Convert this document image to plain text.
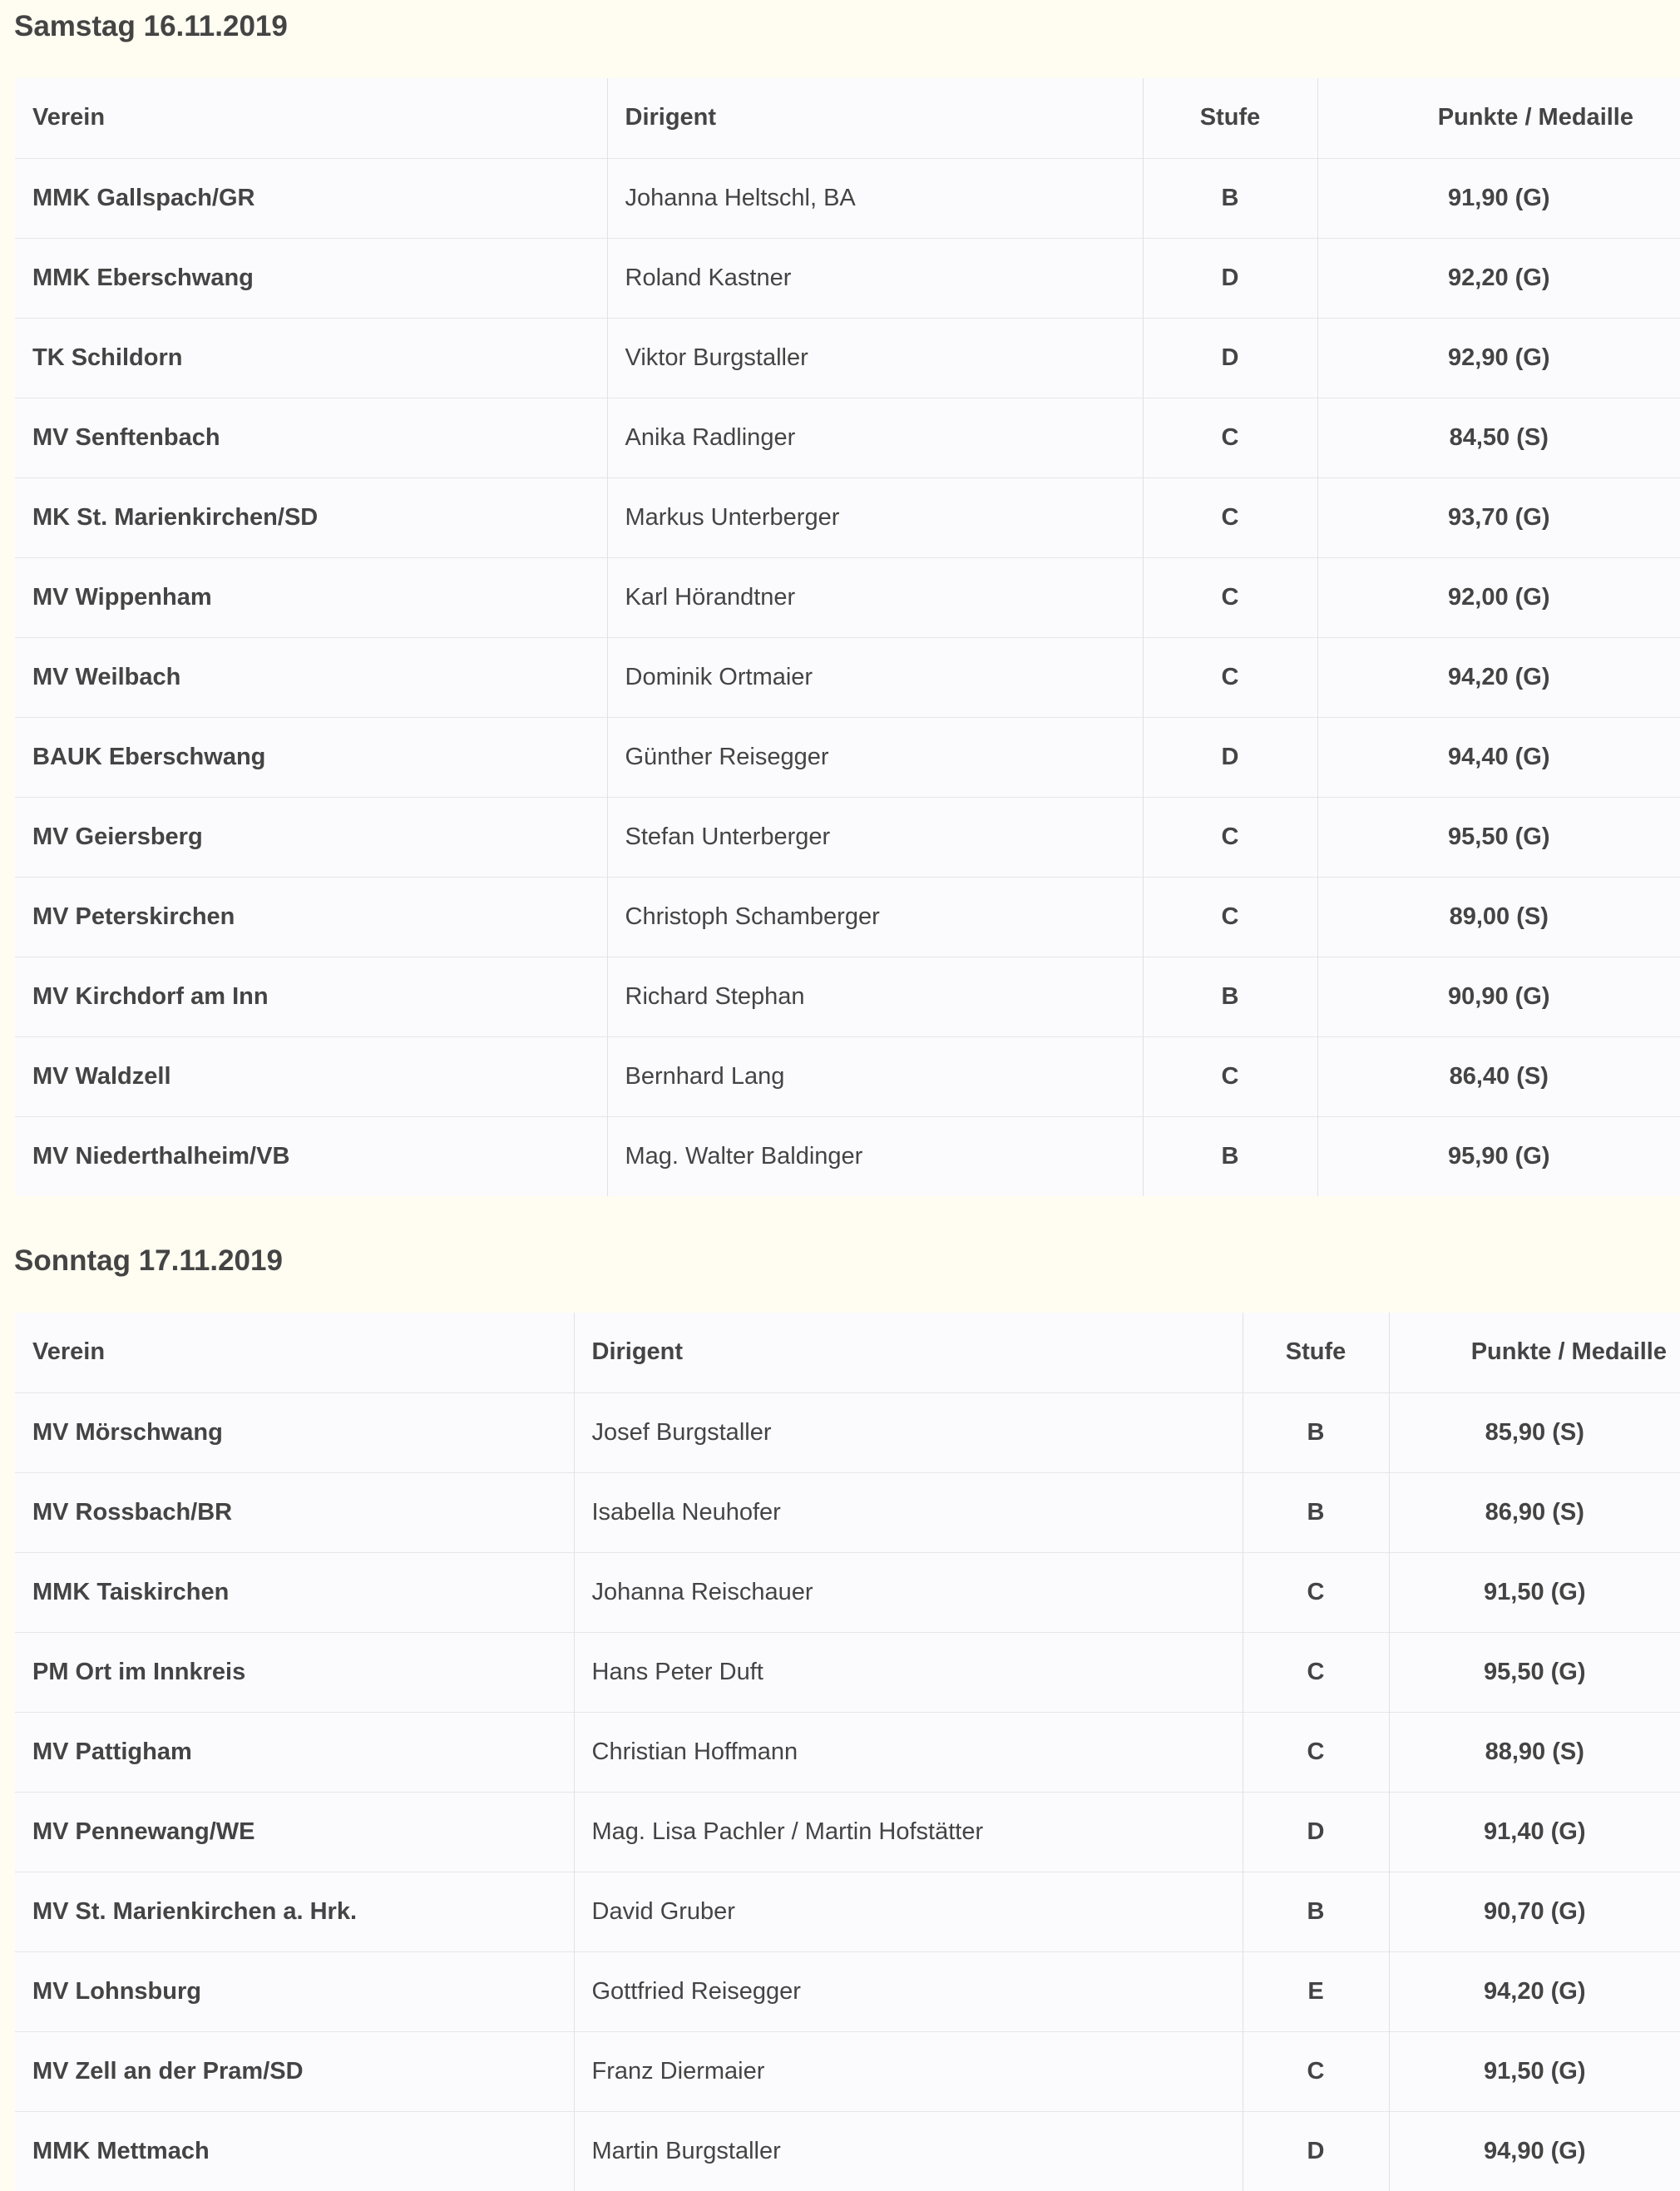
Samstag 16.11.2019
Verein	Dirigent	Stufe	Punkte / Medaille
MMK Gallspach/GR	Johanna Heltschl, BA	B	91,90 (G)
MMK Eberschwang	Roland Kastner	D	92,20 (G)
TK Schildorn	Viktor Burgstaller	D	92,90 (G)
MV Senftenbach	Anika Radlinger	C	84,50 (S)
MK St. Marienkirchen/SD	Markus Unterberger	C	93,70 (G)
MV Wippenham	Karl Hörandtner	C	92,00 (G)
MV Weilbach	Dominik Ortmaier	C	94,20 (G)
BAUK Eberschwang	Günther Reisegger	D	94,40 (G)
MV Geiersberg	Stefan Unterberger	C	95,50 (G)
MV Peterskirchen	Christoph Schamberger	C	89,00 (S)
MV Kirchdorf am Inn	Richard Stephan	B	90,90 (G)
MV Waldzell	Bernhard Lang	C	86,40 (S)
MV Niederthalheim/VB	Mag. Walter Baldinger	B	95,90 (G)
Sonntag 17.11.2019
Verein	Dirigent	Stufe	Punkte / Medaille
MV Mörschwang	Josef Burgstaller	B	85,90 (S)
MV Rossbach/BR	Isabella Neuhofer	B	86,90 (S)
MMK Taiskirchen	Johanna Reischauer	C	91,50 (G)
PM Ort im Innkreis	Hans Peter Duft	C	95,50 (G)
MV Pattigham	Christian Hoffmann	C	88,90 (S)
MV Pennewang/WE	Mag. Lisa Pachler / Martin Hofstätter	D	91,40 (G)
MV St. Marienkirchen a. Hrk.	David Gruber	B	90,70 (G)
MV Lohnsburg	Gottfried Reisegger	E	94,20 (G)
MV Zell an der Pram/SD	Franz Diermaier	C	91,50 (G)
MMK Mettmach	Martin Burgstaller	D	94,90 (G)
